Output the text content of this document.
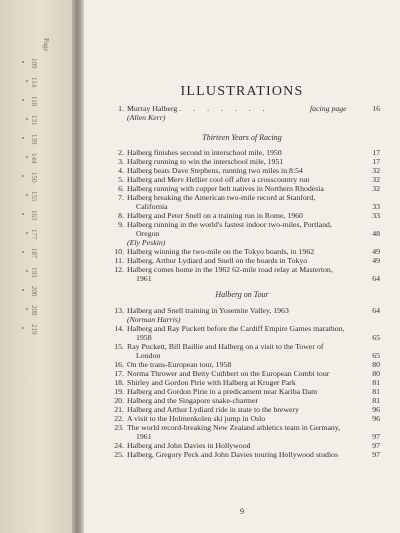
Page
109
114
118
131
139
144
150
155
163
177
187
193
200
208
219
ILLUSTRATIONS
1. Murray Halberg . . . . . . .	facing page	16
(Allen Kerr)
Thirteen Years of Racing
2. Halberg finishes second in interschool mile, 1950	17
3. Halberg running to win the interschool mile, 1951	17
4. Halberg beats Dave Stephens, running two miles in 8:54	32
5. Halberg and Merv Hellier cool off after a crosscountry run	32
6. Halberg running with copper belt natives in Northern Rhodesia	32
7. Halberg breaking the American two-mile record at Stanford,
California	33
8. Halberg and Peter Snell on a training run in Rome, 1960	33
9. Halberg running in the world's fastest indoor two-miles, Portland,
Oregon	48
(Ely Peskin)
10. Halberg winning the two-mile on the Tokyo boards, in 1962	49
11. Halberg, Arthur Lydiard and Snell on the boards in Tokyo	49
12. Halberg comes home in the 1962 62-mile road relay at Masterton,
1961	64
Halberg on Tour
13. Halberg and Snell training in Yosemite Valley, 1963	64
(Norman Harris)
14. Halberg and Ray Puckett before the Cardiff Empire Games marathon,
1958	65
15. Ray Puckett, Bill Baillie and Halberg on a visit to the Tower of
London	65
16. On the trans-European tour, 1958	80
17. Norma Thrower and Betty Cuthbert on the European Combi tour	80
18. Shirley and Gordon Pirie with Halberg at Kruger Park	81
19. Halberg and Gordon Pirie in a predicament near Kariba Dam	81
20. Halberg and the Singapore snake-charmer	81
21. Halberg and Arthur Lydiard ride in state to the brewery	96
22. A visit to the Holmenkolen ski jump in Oslo	96
23. The world record-breaking New Zealand athletics team in Germany,
1961	97
24. Halberg and John Davies in Hollywood	97
25. Halberg, Gregory Peck and John Davies touring Hollywood studios	97
9
